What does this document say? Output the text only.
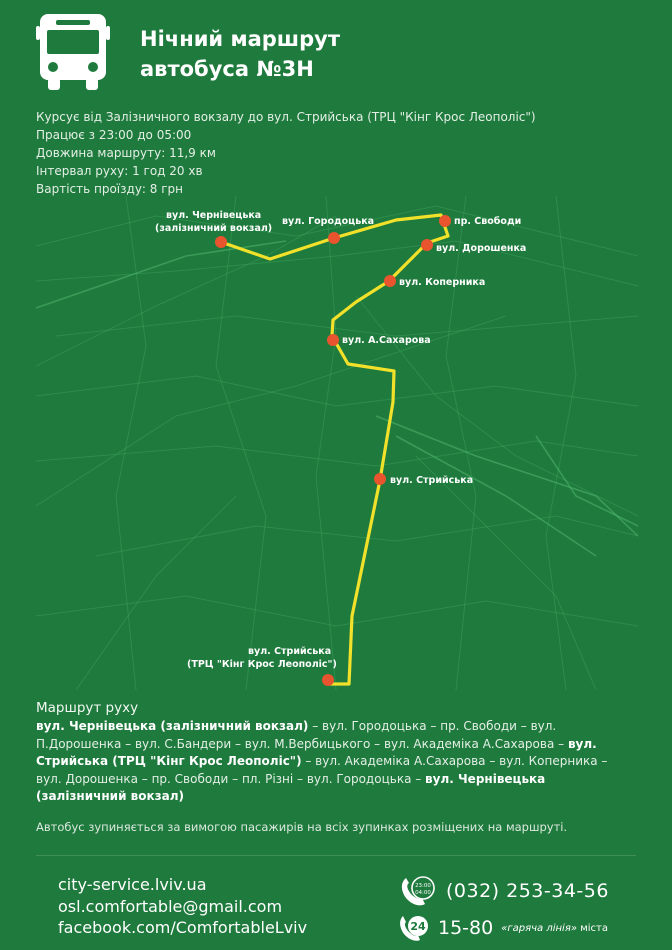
Нічний маршрут
автобуса №3Н
Курсує від Залізничного вокзалу до вул. Стрийська (ТРЦ "Кінг Крос Леополіс")
Працює з 23:00 до 05:00
Довжина маршруту: 11,9 км
Інтервал руху: 1 год 20 хв
Вартість проїзду: 8 грн
вул. Чернівецька
(залізничний вокзал)
вул. Городоцька	пр. Свободи
вул. Дорошенка
вул. Коперника
вул. А.Сахарова
вул. Стрийська
вул. Стрийська
(ТРЦ "Кінг Крос Леополіс")
Маршрут руху
вул. Чернівецька (залізничний вокзал) – вул. Городоцька – пр. Свободи – вул. П.Дорошенка – вул. С.Бандери – вул. М.Вербицького – вул. Академіка А.Сахарова – вул. Стрийська (ТРЦ "Кінг Крос Леополіс") – вул. Академіка А.Сахарова – вул. Коперника – вул. Дорошенка – пр. Свободи – пл. Різні – вул. Городоцька – вул. Чернівецька (залізничний вокзал)
Автобус зупиняється за вимогою пасажирів на всіх зупинках розміщених на маршруті.
city-service.lviv.ua
osl.comfortable@gmail.com
facebook.com/ComfortableLviv
23:00
04:00 (032) 253-34-56
24 15-80 «гаряча лінія» міста
